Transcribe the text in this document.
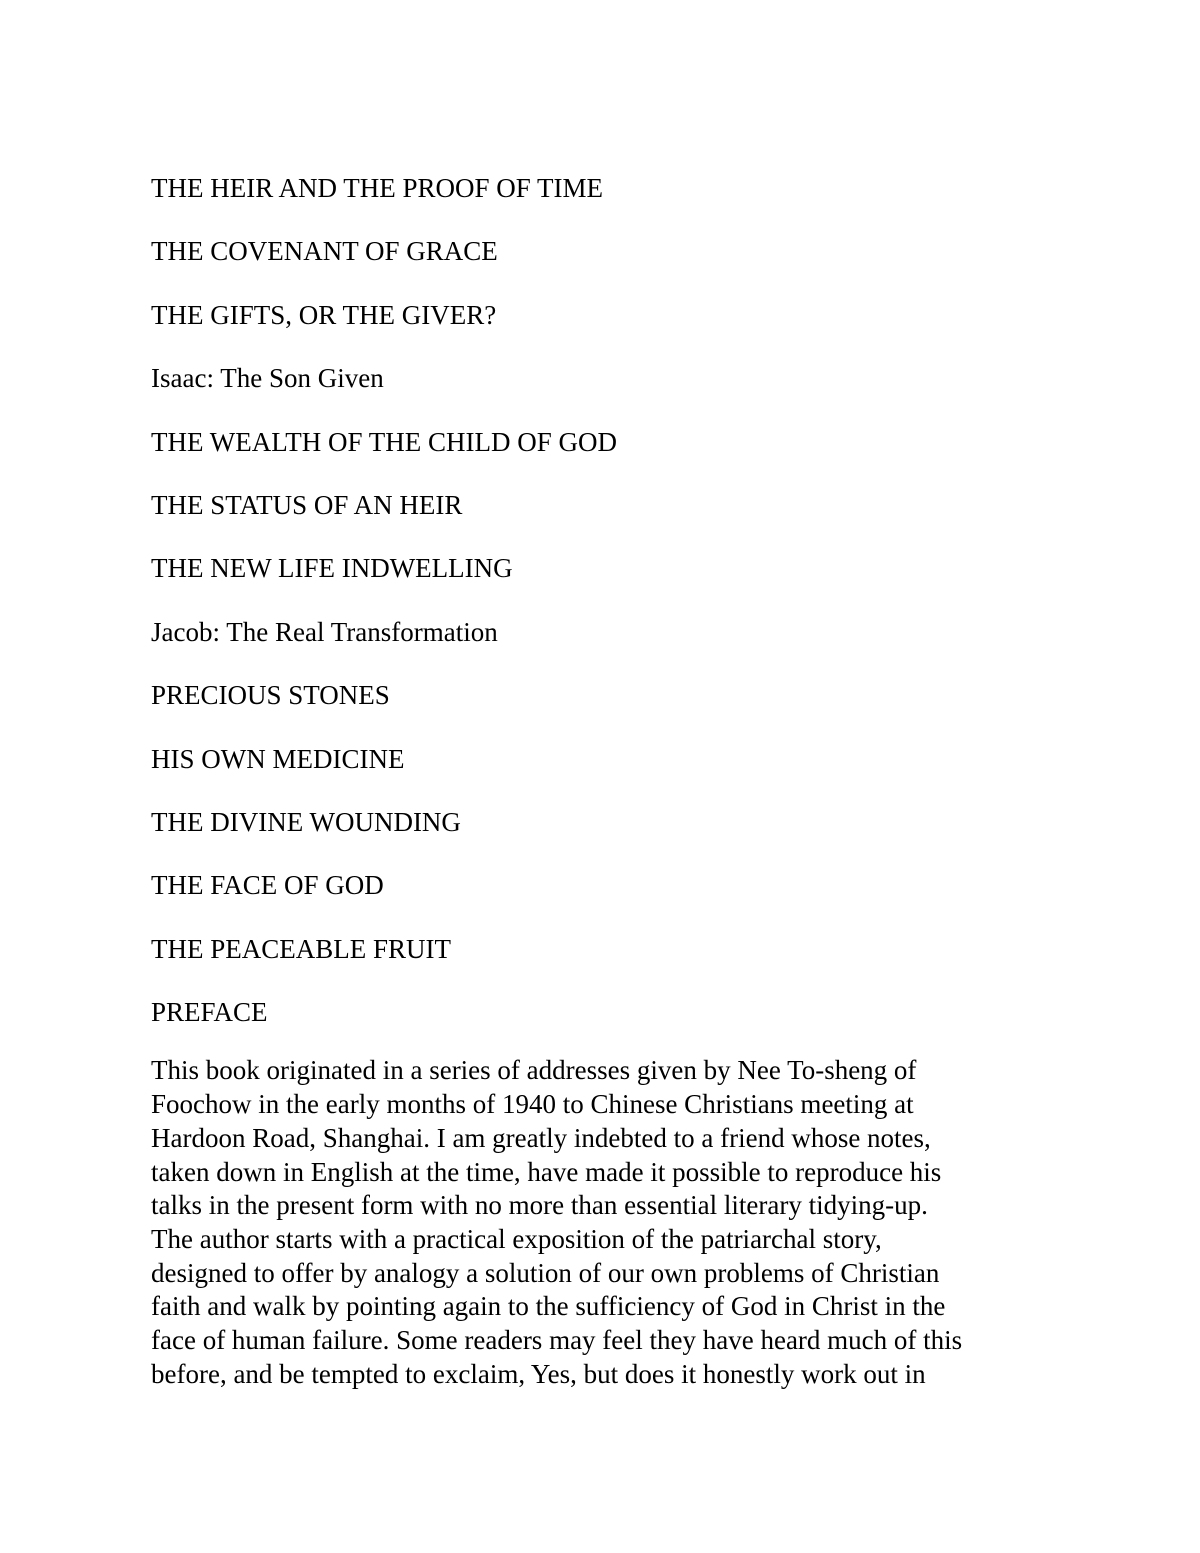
THE HEIR AND THE PROOF OF TIME
THE COVENANT OF GRACE
THE GIFTS, OR THE GIVER?
Isaac: The Son Given
THE WEALTH OF THE CHILD OF GOD
THE STATUS OF AN HEIR
THE NEW LIFE INDWELLING
Jacob: The Real Transformation
PRECIOUS STONES
HIS OWN MEDICINE
THE DIVINE WOUNDING
THE FACE OF GOD
THE PEACEABLE FRUIT
PREFACE
This book originated in a series of addresses given by Nee To-sheng of
Foochow in the early months of 1940 to Chinese Christians meeting at
Hardoon Road, Shanghai. I am greatly indebted to a friend whose notes,
taken down in English at the time, have made it possible to reproduce his
talks in the present form with no more than essential literary tidying-up.
The author starts with a practical exposition of the patriarchal story,
designed to offer by analogy a solution of our own problems of Christian
faith and walk by pointing again to the sufficiency of God in Christ in the
face of human failure. Some readers may feel they have heard much of this
before, and be tempted to exclaim, Yes, but does it honestly work out in
